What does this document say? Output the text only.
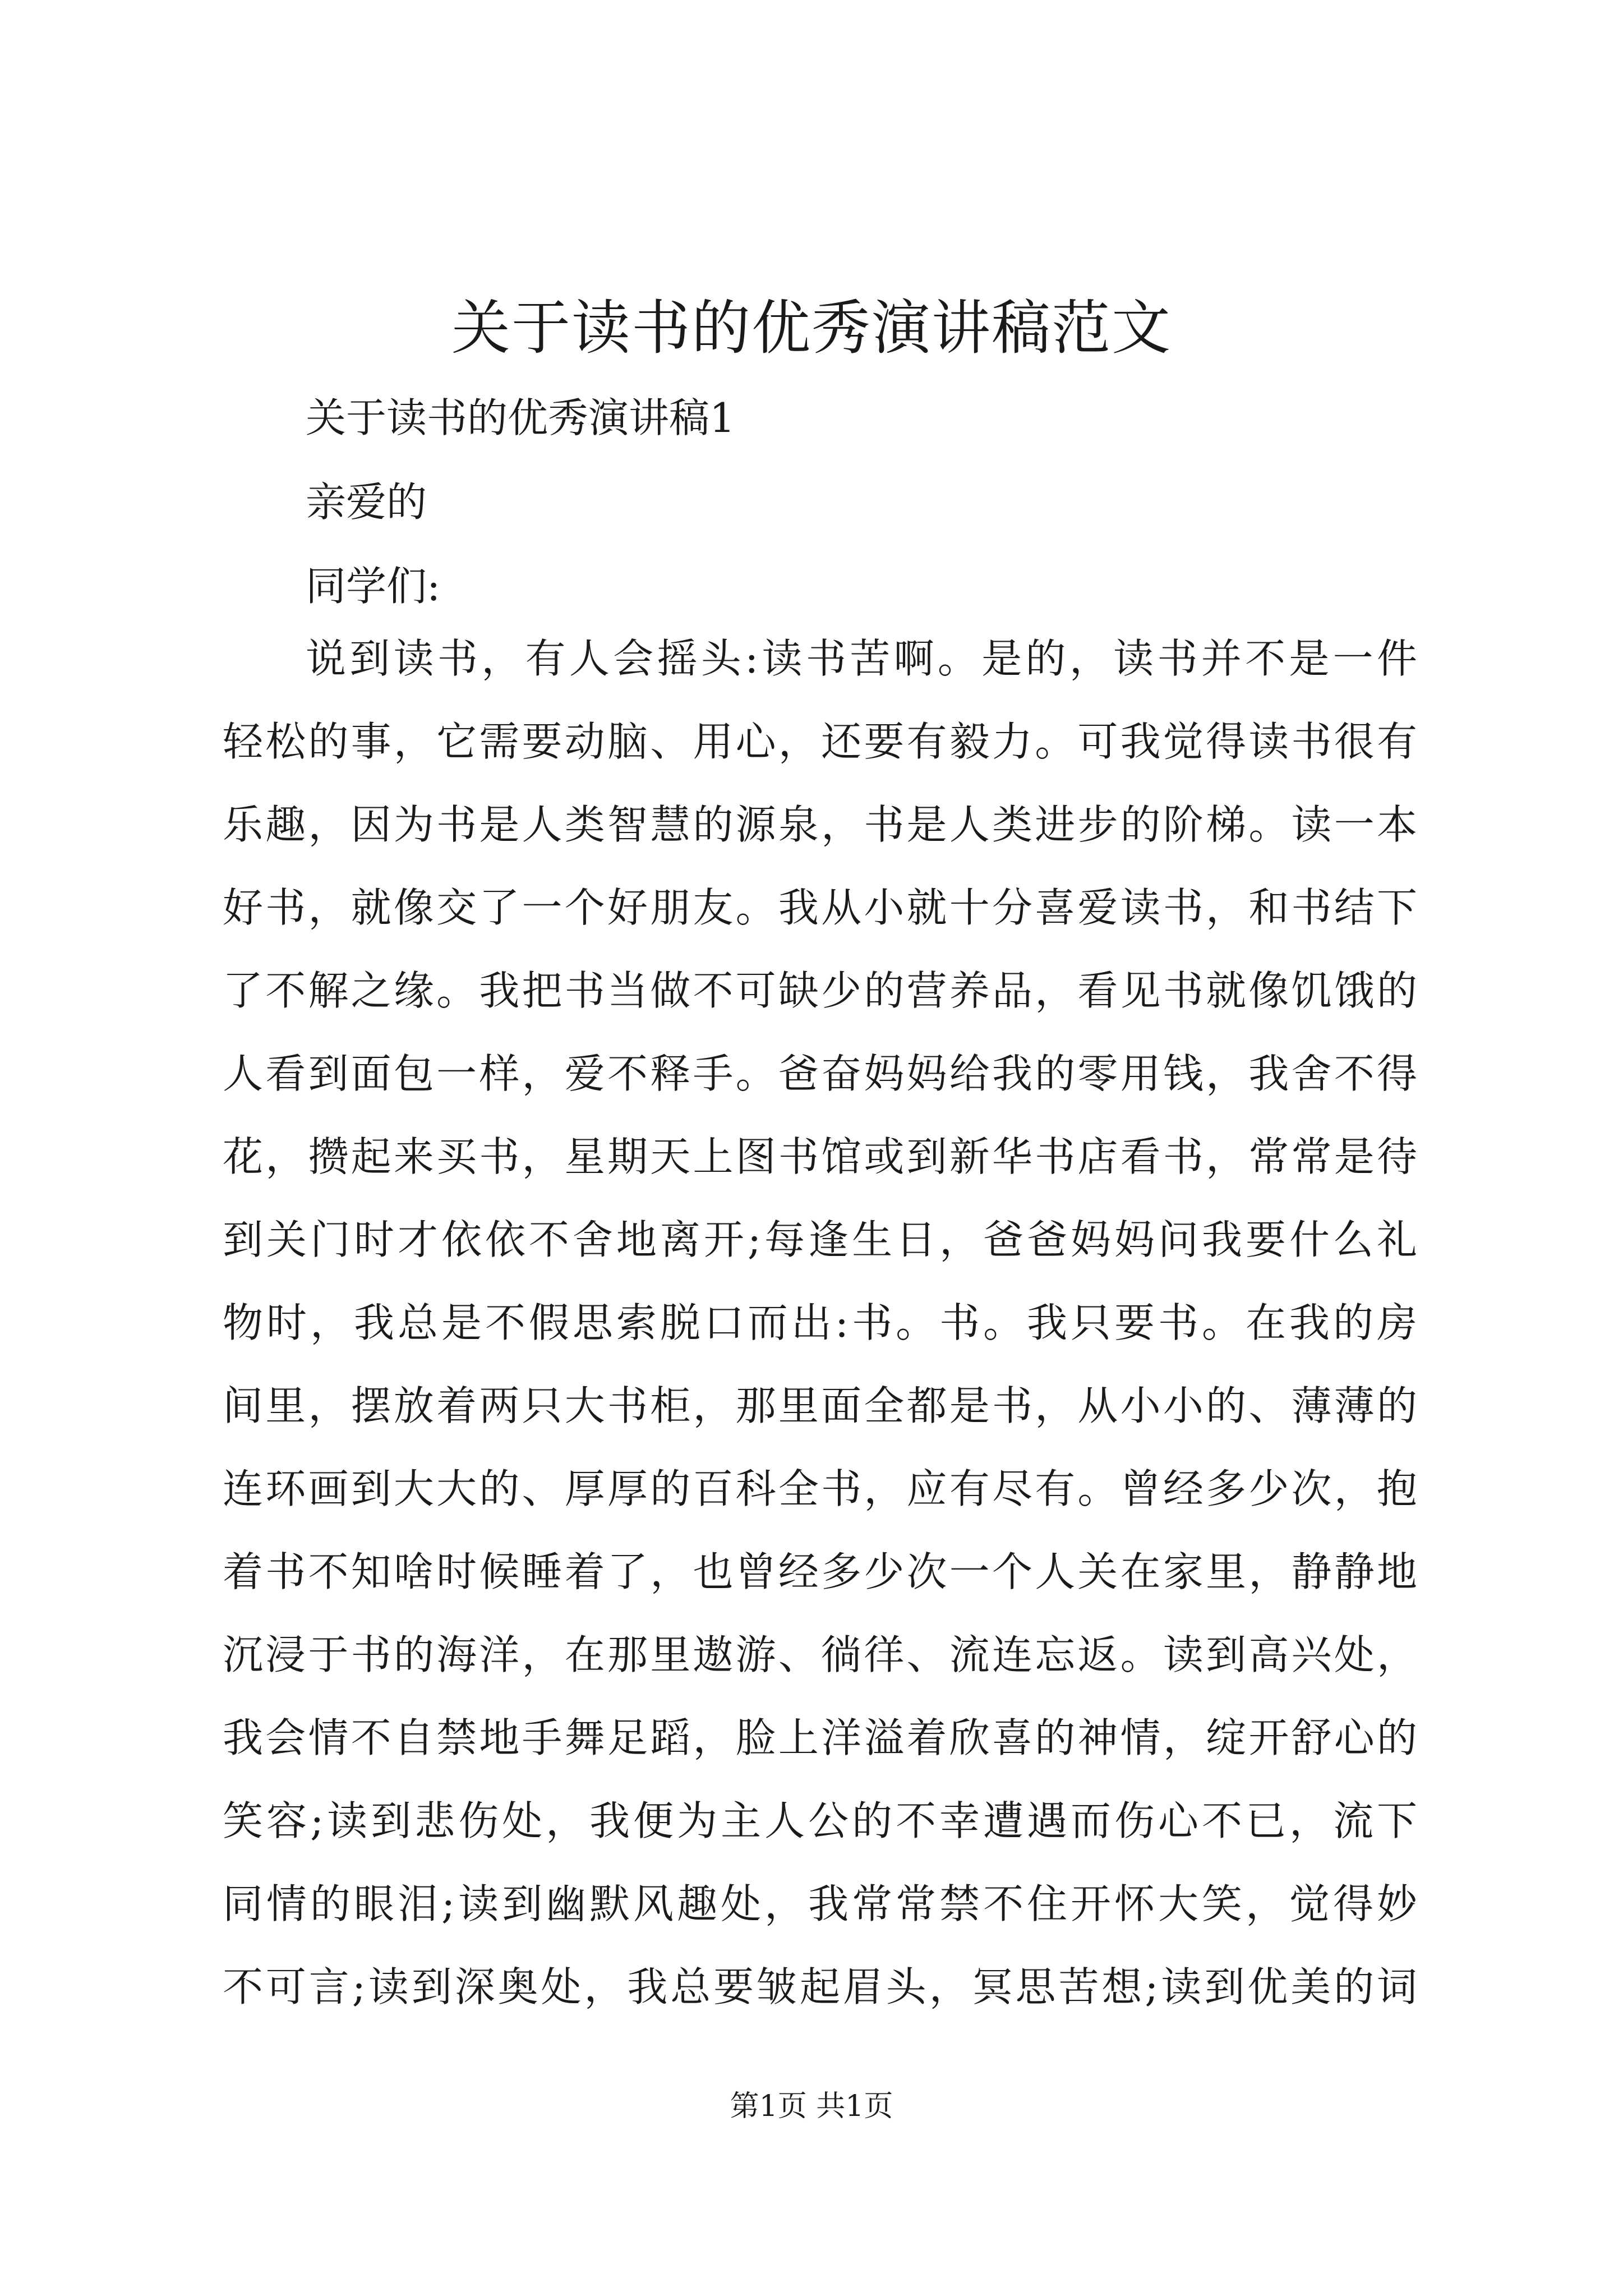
关于读书的优秀演讲稿范文
关于读书的优秀演讲稿1
亲爱的
同学们:
说到读书，有人会摇头:读书苦啊。是的，读书并不是一件
轻松的事，它需要动脑、用心，还要有毅力。可我觉得读书很有
乐趣，因为书是人类智慧的源泉，书是人类进步的阶梯。读一本
好书，就像交了一个好朋友。我从小就十分喜爱读书，和书结下
了不解之缘。我把书当做不可缺少的营养品，看见书就像饥饿的
人看到面包一样，爱不释手。爸奋妈妈给我的零用钱，我舍不得
花，攒起来买书，星期天上图书馆或到新华书店看书，常常是待
到关门时才依依不舍地离开;每逢生日，爸爸妈妈问我要什么礼
物时，我总是不假思索脱口而出:书。书。我只要书。在我的房
间里，摆放着两只大书柜，那里面全都是书，从小小的、薄薄的
连环画到大大的、厚厚的百科全书，应有尽有。曾经多少次，抱
着书不知啥时候睡着了，也曾经多少次一个人关在家里，静静地
沉浸于书的海洋，在那里遨游、徜徉、流连忘返。读到高兴处，
我会情不自禁地手舞足蹈，脸上洋溢着欣喜的神情，绽开舒心的
笑容;读到悲伤处，我便为主人公的不幸遭遇而伤心不已，流下
同情的眼泪;读到幽默风趣处，我常常禁不住开怀大笑，觉得妙
不可言;读到深奥处，我总要皱起眉头，冥思苦想;读到优美的词
第1页 共1页
